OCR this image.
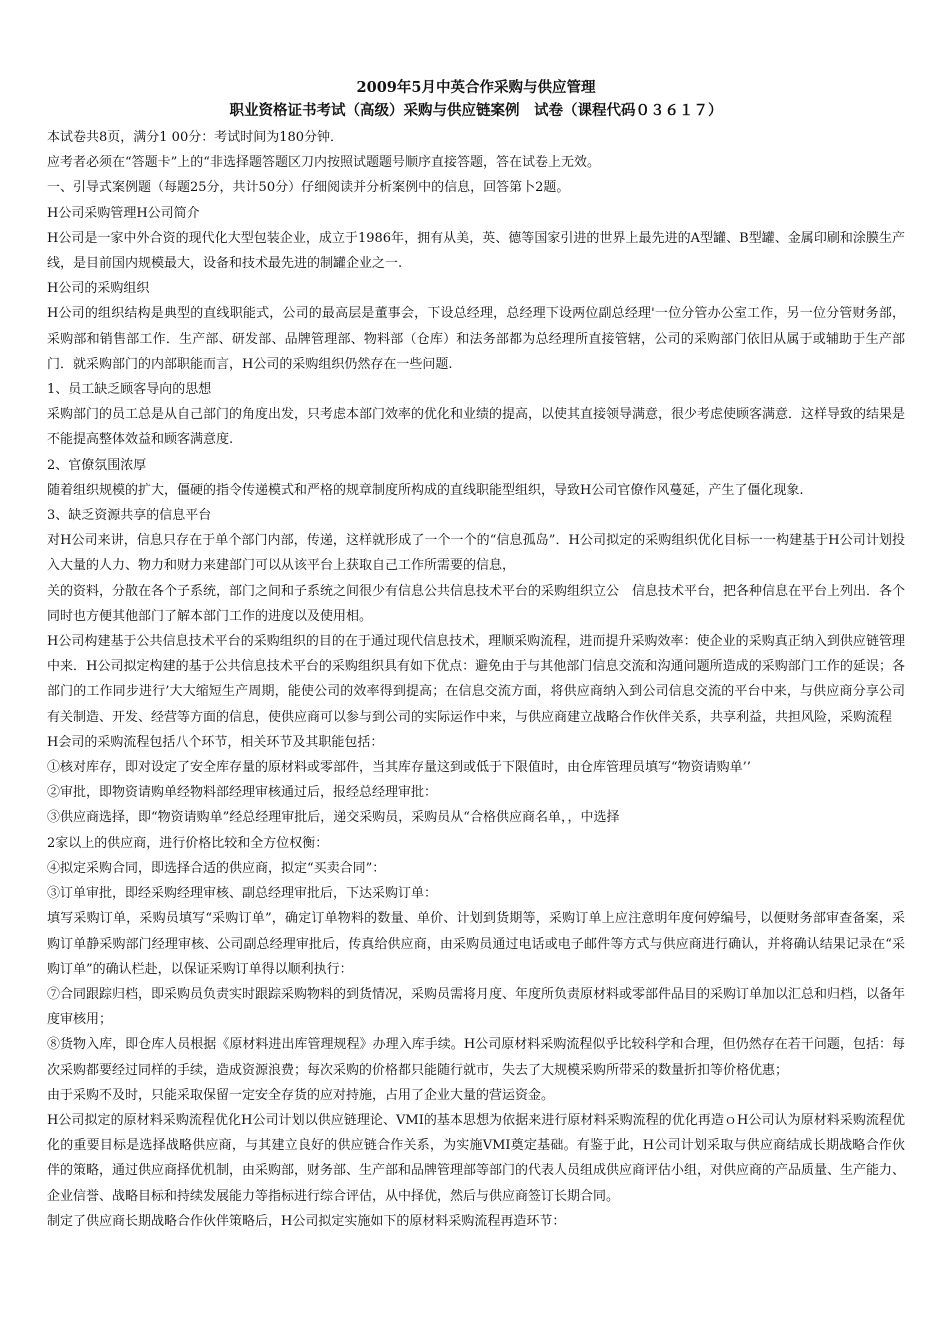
2009年5月中英合作采购与供应管理

职业资格证书考试（高级）采购与供应链案例　试卷（课程代码０３６１７）

本试卷共8页，满分1 00分：考试时间为180分钟．

应考者必须在“答题卡”上的“非选择题答题区刀内按照试题题号顺序直接答题，答在试卷上无效。

一、引导式案例题（每题25分，共计50分）仔细阅读并分析案例中的信息，回答第卜2题。

H公司采购管理H公司简介

H公司是一家中外合资的现代化大型包装企业，成立于1986年，拥有从美，英、德等国家引进的世界上最先进的A型罐、B型罐、金属印刷和涂膜生产线，是目前国内规模最大，设备和技术最先进的制罐企业之一.

H公司的采购组织

H公司的组织结构是典型的直线职能式，公司的最高层是董事会，下设总经理，总经理下设两位副总经理'一位分管办公室工作，另一位分管财务部，采购部和销售部工作．生产部、研发部、品牌管理部、物料部（仓库）和法务部都为总经理所直接管辖，公司的采购部门依旧从属于或辅助于生产部门．就采购部门的内部职能而言，H公司的采购组织仍然存在一些问题.

1、员工缺乏顾客导向的思想

采购部门的员工总是从自己部门的角度出发，只考虑本部门效率的优化和业绩的提高，以使其直接领导满意，很少考虑使顾客满意．这样导致的结果是不能提高整体效益和顾客满意度.

2、官僚氛围浓厚

随着组织规模的扩大，僵硬的指令传递模式和严格的规章制度所构成的直线职能型组织，导致H公司官僚作风蔓延，产生了僵化现象.

3、缺乏资源共享的信息平台

对H公司来讲，信息只存在于单个部门内部，传递，这样就形成了一个一个的“信息孤岛”．H公司拟定的采购组织优化目标一一构建基于H公司计划投入大量的人力、物力和财力来建部门可以从该平台上获取自己工作所需要的信息，

关的资料，分散在各个子系统，部门之间和子系统之间很少有信息公共信息技术平台的采购组织立公　信息技术平台，把各种信息在平台上列出．各个同时也方便其他部门了解本部门工作的进度以及使用相。

H公司构建基于公共信息技术平台的采购组织的目的在于通过现代信息技术，理顺采购流程，进而提升采购效率：使企业的采购真正纳入到供应链管理中来．H公司拟定构建的基于公共信息技术平台的采购组织具有如下优点：避免由于与其他部门信息交流和沟通问题所造成的采购部门工作的延误；各部门的工作同步进行’大大缩短生产周期，能使公司的效率得到提高；在信息交流方面，将供应商纳入到公司信息交流的平台中来，与供应商分享公司有关制造、开发、经营等方面的信息，使供应商可以参与到公司的实际运作中来，与供应商建立战略合作伙伴关系，共享利益，共担风险，采购流程

H会司的采购流程包括八个环节，相关环节及其职能包括：

①核对库存，即对设定了安全库存量的原材料或零部件，当其库存量这到或低于下限值时，由仓库管理员填写“物资请购单’’

②审批，即物资请购单经物料部经理审核通过后，报经总经理审批：

③供应商选择，即“物资请购单”经总经理审批后，递交采购员，采购员从“合格供应商名单，，中选择

2家以上的供应商，进行价格比较和全方位权衡：

④拟定采购合同，即选择合适的供应商，拟定“买卖合同”：

③订单审批，即经采购经理审核、副总经理审批后，下达采购订单：

填写采购订单，采购员填写“采购订单”，确定订单物料的数量、单价、计划到货期等，采购订单上应注意明年度何婷编号，以便财务部审查备案，采购订单静采购部门经理审核、公司副总经理审批后，传真给供应商，由采购员通过电话或电子邮件等方式与供应商进行确认，并将确认结果记录在“采购订单”的确认栏赴，以保证采购订单得以顺利执行：

⑦合同跟踪归档，即采购员负责实时跟踪采购物料的到货情况，采购员需将月度、年度所负责原材料或零部件品目的采购订单加以汇总和归档，以备年度审核用；

⑧货物入库，即仓库人员根据《原材料进出库管理规程》办理入库手续。H公司原材料采购流程似乎比较科学和合理，但仍然存在若干问题，包括：每次采购都要经过同样的手续，造成资源浪费；每次采购的价格都只能随行就市，失去了大规模采购所带采的数量折扣等价格优惠；

由于采购不及时，只能采取保留一定安全存货的应对持施，占用了企业大量的营运资金。

H公司拟定的原材料采购流程优化H公司计划以供应链理论、VMI的基本思想为依据来进行原材料采购流程的优化再造ｏH公司认为原材料采购流程优化的重要目标是选择战略供应商，与其建立良好的供应链合作关系，为实施VMI奠定基础。有鉴于此，H公司计划采取与供应商结成长期战略合作伙伴的策略，通过供应商择优机制，由采购部，财务部、生产部和品牌管理部等部门的代表人员组成供应商评估小组，对供应商的产品质量、生产能力、企业信誉、战略目标和持续发展能力等指标进行综合评估，从中择优，然后与供应商签订长期合同。

制定了供应商长期战略合作伙伴策略后，H公司拟定实施如下的原材料采购流程再造环节：
